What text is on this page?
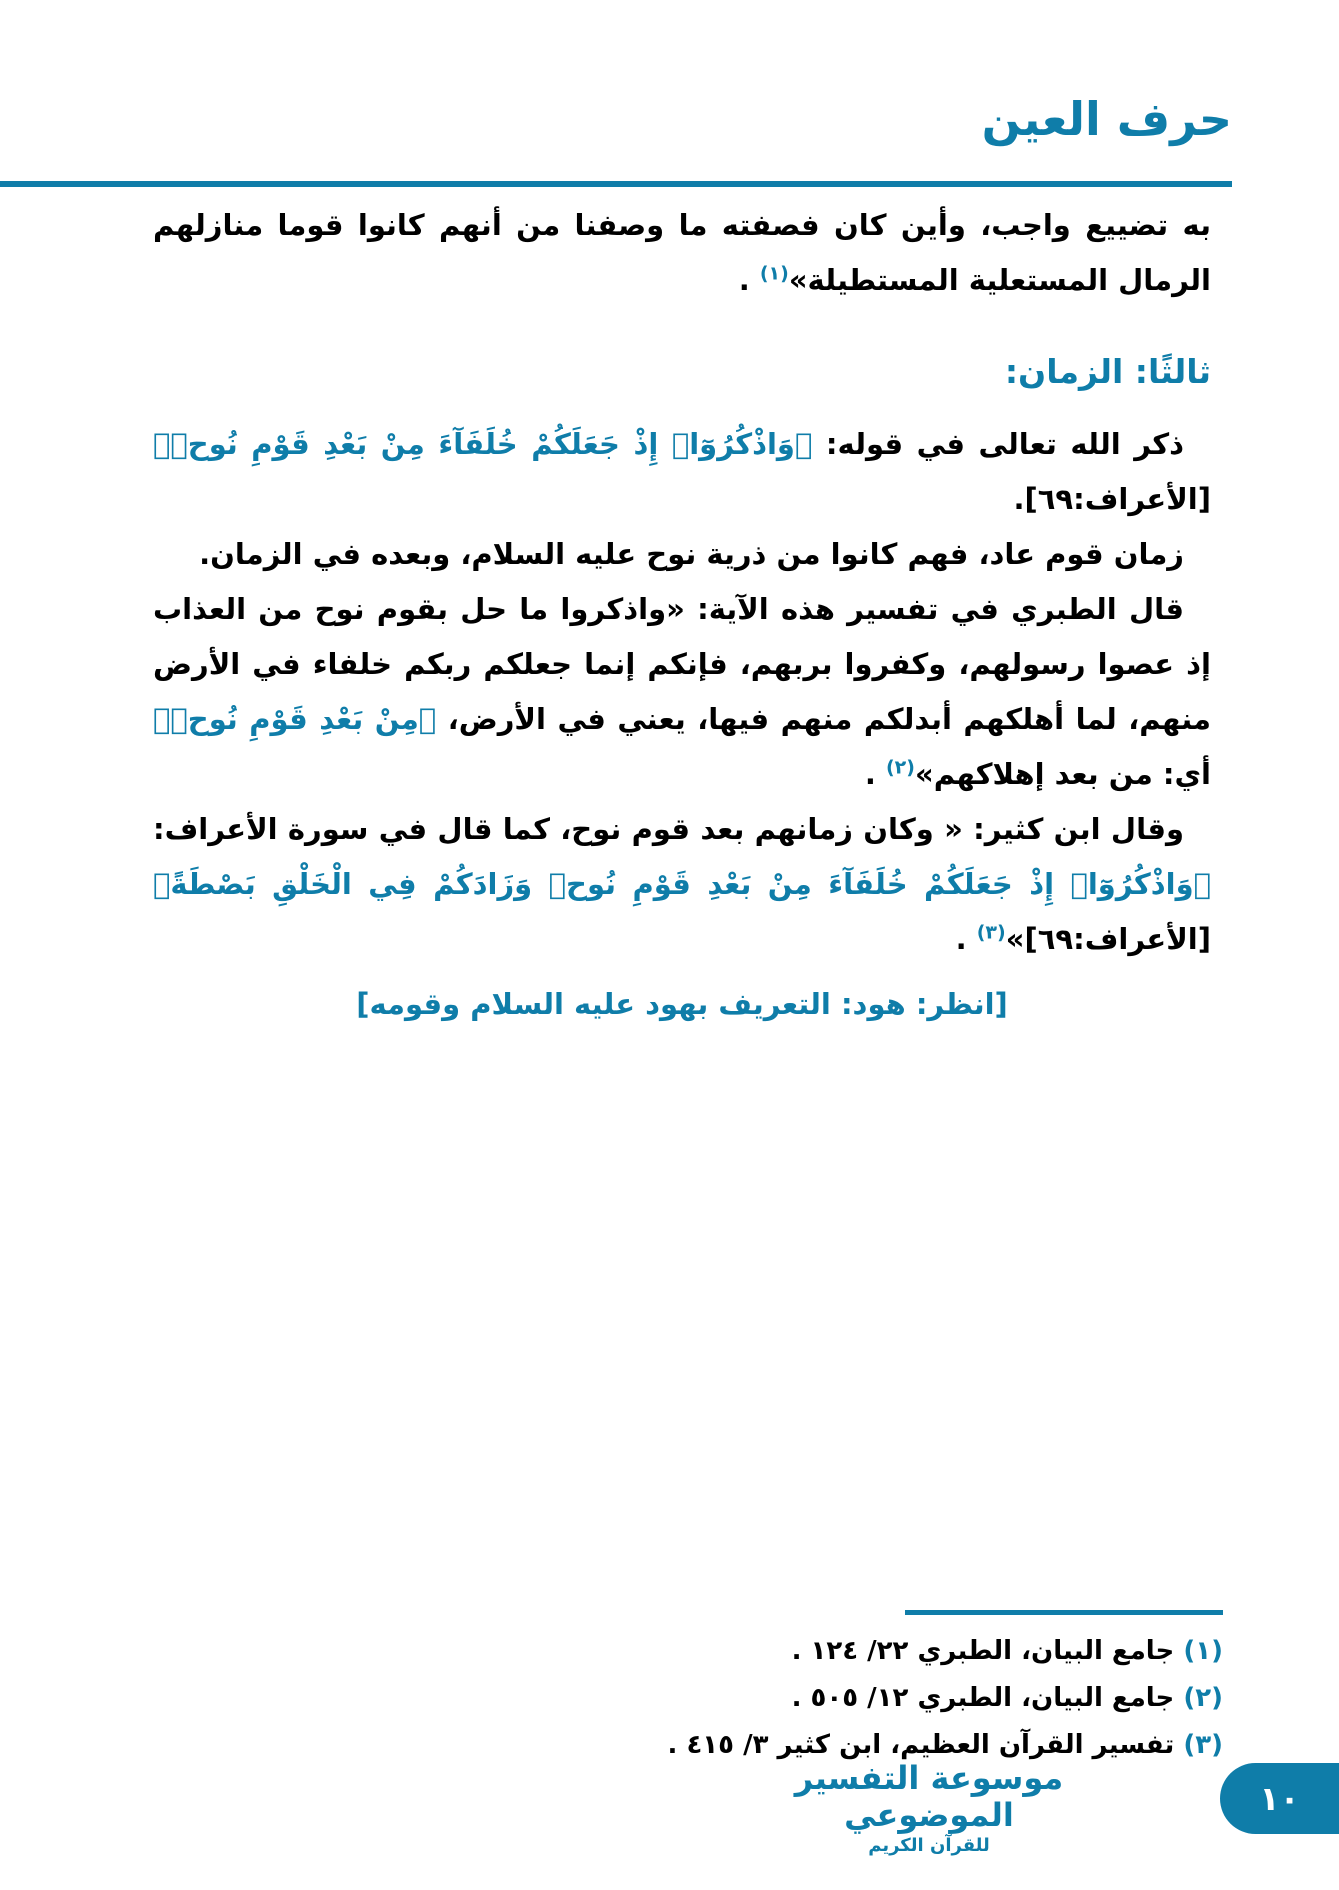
حرف العين

به تضييع واجب، وأين كان فصفته ما وصفنا من أنهم كانوا قوما منازلهم الرمال المستعلية المستطيلة»$^{(١)}$ .

ثالثًا: الزمان:

ذكر الله تعالى في قوله: ﴿وَاذْكُرُوٓا۟ إِذْ جَعَلَكُمْ خُلَفَآءَ مِنْ بَعْدِ قَوْمِ نُوحٖ﴾ [الأعراف:٦٩].

زمان قوم عاد، فهم كانوا من ذرية نوح عليه السلام، وبعده في الزمان.

قال الطبري في تفسير هذه الآية: «واذكروا ما حل بقوم نوح من العذاب إذ عصوا رسولهم، وكفروا بربهم، فإنكم إنما جعلكم ربكم خلفاء في الأرض منهم، لما أهلكهم أبدلكم منهم فيها، يعني في الأرض، ﴿مِنْ بَعْدِ قَوْمِ نُوحٖ﴾ أي: من بعد إهلاكهم»$^{(٢)}$ .

وقال ابن كثير: « وكان زمانهم بعد قوم نوح، كما قال في سورة الأعراف: ﴿وَاذْكُرُوٓا۟ إِذْ جَعَلَكُمْ خُلَفَآءَ مِنْ بَعْدِ قَوْمِ نُوحٖ وَزَادَكُمْ فِي الْخَلْقِ بَصْطَةً﴾ [الأعراف:٦٩]»$^{(٣)}$ .

[انظر: هود: التعريف بهود عليه السلام وقومه]

(١) جامع البيان، الطبري ٢٢/ ١٢٤ .
(٢) جامع البيان، الطبري ١٢/ ٥٠٥ .
(٣) تفسير القرآن العظيم، ابن كثير ٣/ ٤١٥ .
موسوعة التفسير الموضوعي
للقرآن الكريم
١٠
